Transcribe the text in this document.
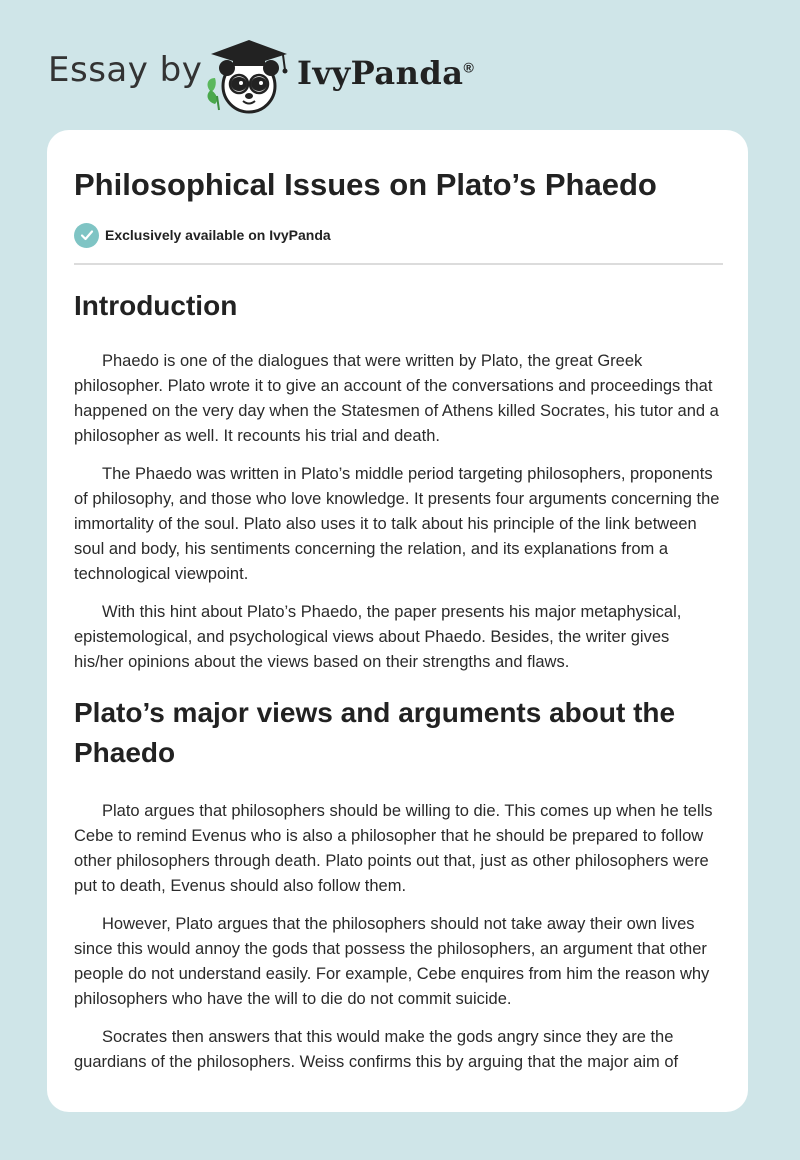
Essay by	IvyPanda®
Philosophical Issues on Plato’s Phaedo
Exclusively available on IvyPanda
Introduction

Phaedo is one of the dialogues that were written by Plato, the great Greek philosopher. Plato wrote it to give an account of the conversations and proceedings that happened on the very day when the Statesmen of Athens killed Socrates, his tutor and a philosopher as well. It recounts his trial and death.

The Phaedo was written in Plato’s middle period targeting philosophers, proponents of philosophy, and those who love knowledge. It presents four arguments concerning the immortality of the soul. Plato also uses it to talk about his principle of the link between soul and body, his sentiments concerning the relation, and its explanations from a technological viewpoint.

With this hint about Plato’s Phaedo, the paper presents his major metaphysical, epistemological, and psychological views about Phaedo. Besides, the writer gives his/her opinions about the views based on their strengths and flaws.

Plato’s major views and arguments about the Phaedo

Plato argues that philosophers should be willing to die. This comes up when he tells Cebe to remind Evenus who is also a philosopher that he should be prepared to follow other philosophers through death. Plato points out that, just as other philosophers were put to death, Evenus should also follow them.

However, Plato argues that the philosophers should not take away their own lives since this would annoy the gods that possess the philosophers, an argument that other people do not understand easily. For example, Cebe enquires from him the reason why philosophers who have the will to die do not commit suicide.

Socrates then answers that this would make the gods angry since they are the guardians of the philosophers. Weiss confirms this by arguing that the major aim of
